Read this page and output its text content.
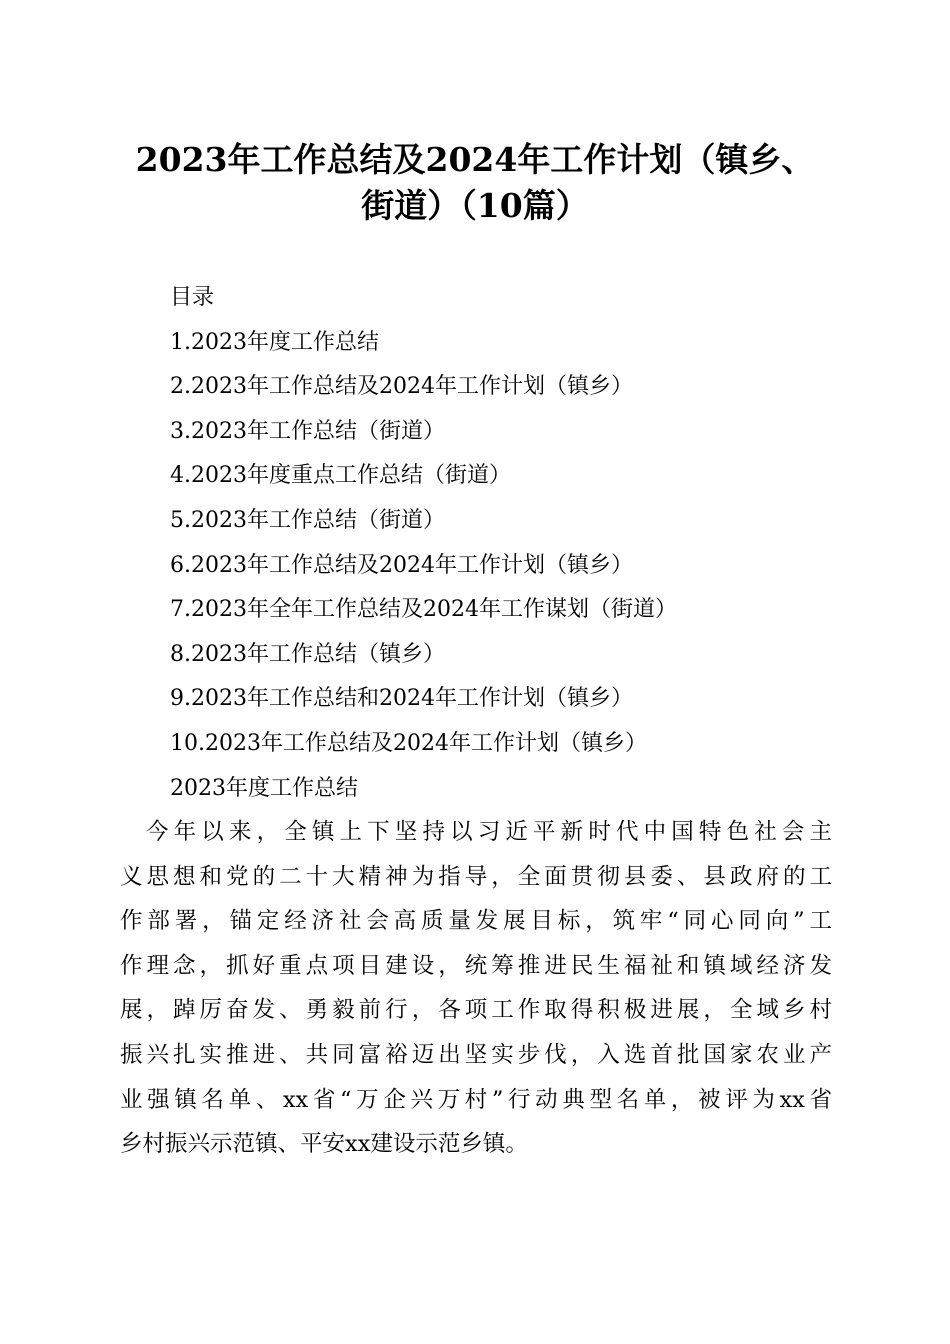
2023年工作总结及2024年工作计划（镇乡、
街道）（10篇）
目录
1.2023年度工作总结
2.2023年工作总结及2024年工作计划（镇乡）
3.2023年工作总结（街道）
4.2023年度重点工作总结（街道）
5.2023年工作总结（街道）
6.2023年工作总结及2024年工作计划（镇乡）
7.2023年全年工作总结及2024年工作谋划（街道）
8.2023年工作总结（镇乡）
9.2023年工作总结和2024年工作计划（镇乡）
10.2023年工作总结及2024年工作计划（镇乡）
2023年度工作总结
今年以来，全镇上下坚持以习近平新时代中国特色社会主
义思想和党的二十大精神为指导，全面贯彻县委、县政府的工
作部署，锚定经济社会高质量发展目标，筑牢“同心同向”工
作理念，抓好重点项目建设，统筹推进民生福祉和镇域经济发
展，踔厉奋发、勇毅前行，各项工作取得积极进展，全域乡村
振兴扎实推进、共同富裕迈出坚实步伐，入选首批国家农业产
业强镇名单、xx省“万企兴万村”行动典型名单，被评为xx省
乡村振兴示范镇、平安xx建设示范乡镇。
